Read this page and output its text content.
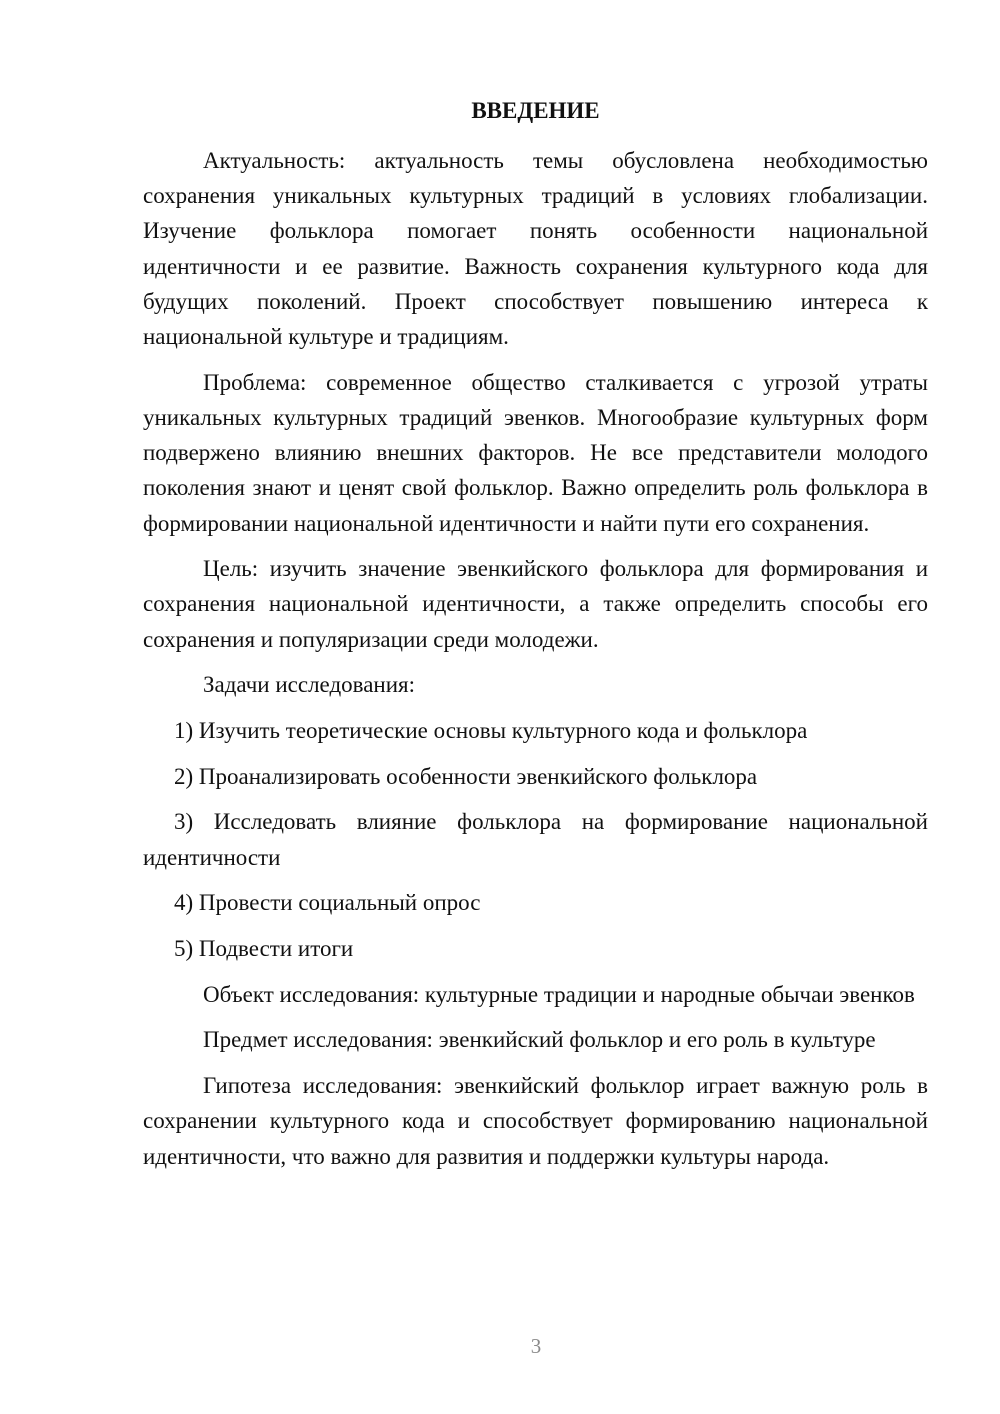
ВВЕДЕНИЕ

Актуальность: актуальность темы обусловлена необходимостью сохранения уникальных культурных традиций в условиях глобализации. Изучение фольклора помогает понять особенности национальной идентичности и ее развитие. Важность сохранения культурного кода для будущих поколений. Проект способствует повышению интереса к национальной культуре и традициям.

Проблема: современное общество сталкивается с угрозой утраты уникальных культурных традиций эвенков. Многообразие культурных форм подвержено влиянию внешних факторов. Не все представители молодого поколения знают и ценят свой фольклор. Важно определить роль фольклора в формировании национальной идентичности и найти пути его сохранения.

Цель: изучить значение эвенкийского фольклора для формирования и сохранения национальной идентичности, а также определить способы его сохранения и популяризации среди молодежи.

Задачи исследования:

1) Изучить теоретические основы культурного кода и фольклора

2) Проанализировать особенности эвенкийского фольклора

3) Исследовать влияние фольклора на формирование национальной идентичности

4) Провести социальный опрос

5) Подвести итоги

Объект исследования: культурные традиции и народные обычаи эвенков

Предмет исследования: эвенкийский фольклор и его роль в культуре

Гипотеза исследования: эвенкийский фольклор играет важную роль в сохранении культурного кода и способствует формированию национальной идентичности, что важно для развития и поддержки культуры народа.

3
